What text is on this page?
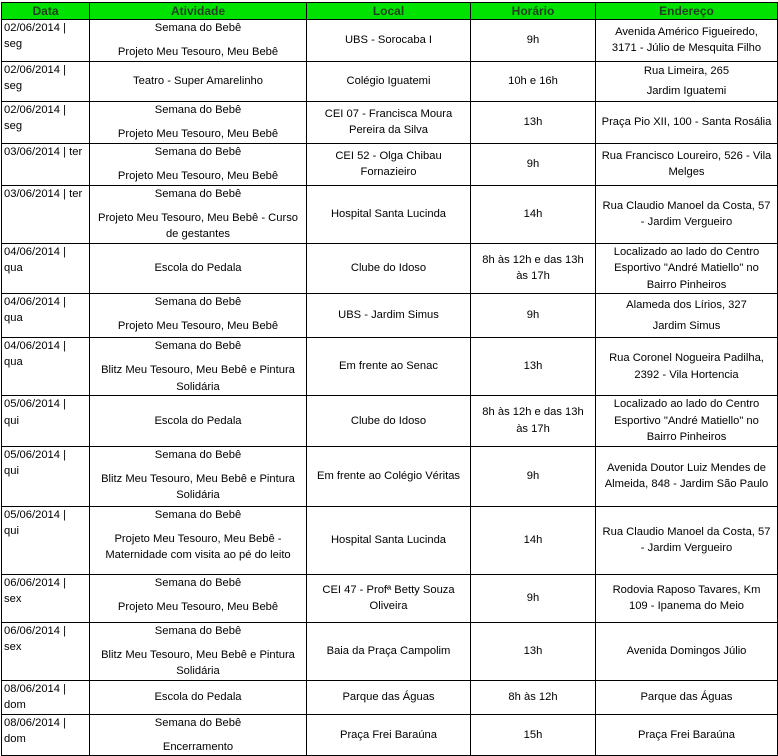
Data	Atividade	Local	Horário	Endereço

02/06/2014 |
seg	Semana do Bebê
Projeto Meu Tesouro, Meu Bebê	UBS - Sorocaba I	9h	Avenida Américo Figueiredo,
3171 - Júlio de Mesquita Filho

02/06/2014 |
seg	Teatro - Super Amarelinho	Colégio Iguatemi	10h e 16h	Rua Limeira, 265
Jardim Iguatemi

02/06/2014 |
seg	Semana do Bebê
Projeto Meu Tesouro, Meu Bebê	CEI 07 - Francisca Moura
Pereira da Silva	13h	Praça Pio XII, 100 - Santa Rosália

03/06/2014 | ter	Semana do Bebê
Projeto Meu Tesouro, Meu Bebê	CEI 52 - Olga Chibau
Fornazieiro	9h	Rua Francisco Loureiro, 526 - Vila
Melges

03/06/2014 | ter	Semana do Bebê
Projeto Meu Tesouro, Meu Bebê - Curso
de gestantes	Hospital Santa Lucinda	14h	Rua Claudio Manoel da Costa, 57
- Jardim Vergueiro

04/06/2014 |
qua	Escola do Pedala	Clube do Idoso	8h às 12h e das 13h
às 17h	Localizado ao lado do Centro
Esportivo "André Matiello" no
Bairro Pinheiros

04/06/2014 |
qua	Semana do Bebê
Projeto Meu Tesouro, Meu Bebê	UBS - Jardim Simus	9h	Alameda dos Lírios, 327
Jardim Simus

04/06/2014 |
qua	Semana do Bebê
Blitz Meu Tesouro, Meu Bebê e Pintura
Solidária	Em frente ao Senac	13h	Rua Coronel Nogueira Padilha,
2392 - Vila Hortencia

05/06/2014 |
qui	Escola do Pedala	Clube do Idoso	8h às 12h e das 13h
às 17h	Localizado ao lado do Centro
Esportivo "André Matiello" no
Bairro Pinheiros

05/06/2014 |
qui	Semana do Bebê
Blitz Meu Tesouro, Meu Bebê e Pintura
Solidária	Em frente ao Colégio Véritas	9h	Avenida Doutor Luiz Mendes de
Almeida, 848 - Jardim São Paulo

05/06/2014 |
qui	Semana do Bebê
Projeto Meu Tesouro, Meu Bebê -
Maternidade com visita ao pé do leito	Hospital Santa Lucinda	14h	Rua Claudio Manoel da Costa, 57
- Jardim Vergueiro

06/06/2014 |
sex	Semana do Bebê
Projeto Meu Tesouro, Meu Bebê	CEI 47 - Profª Betty Souza
Oliveira	9h	Rodovia Raposo Tavares, Km
109 - Ipanema do Meio

06/06/2014 |
sex	Semana do Bebê
Blitz Meu Tesouro, Meu Bebê e Pintura
Solidária	Baia da Praça Campolim	13h	Avenida Domingos Júlio

08/06/2014 |
dom	Escola do Pedala	Parque das Águas	8h às 12h	Parque das Águas

08/06/2014 |
dom	Semana do Bebê
Encerramento	Praça Frei Baraúna	15h	Praça Frei Baraúna
